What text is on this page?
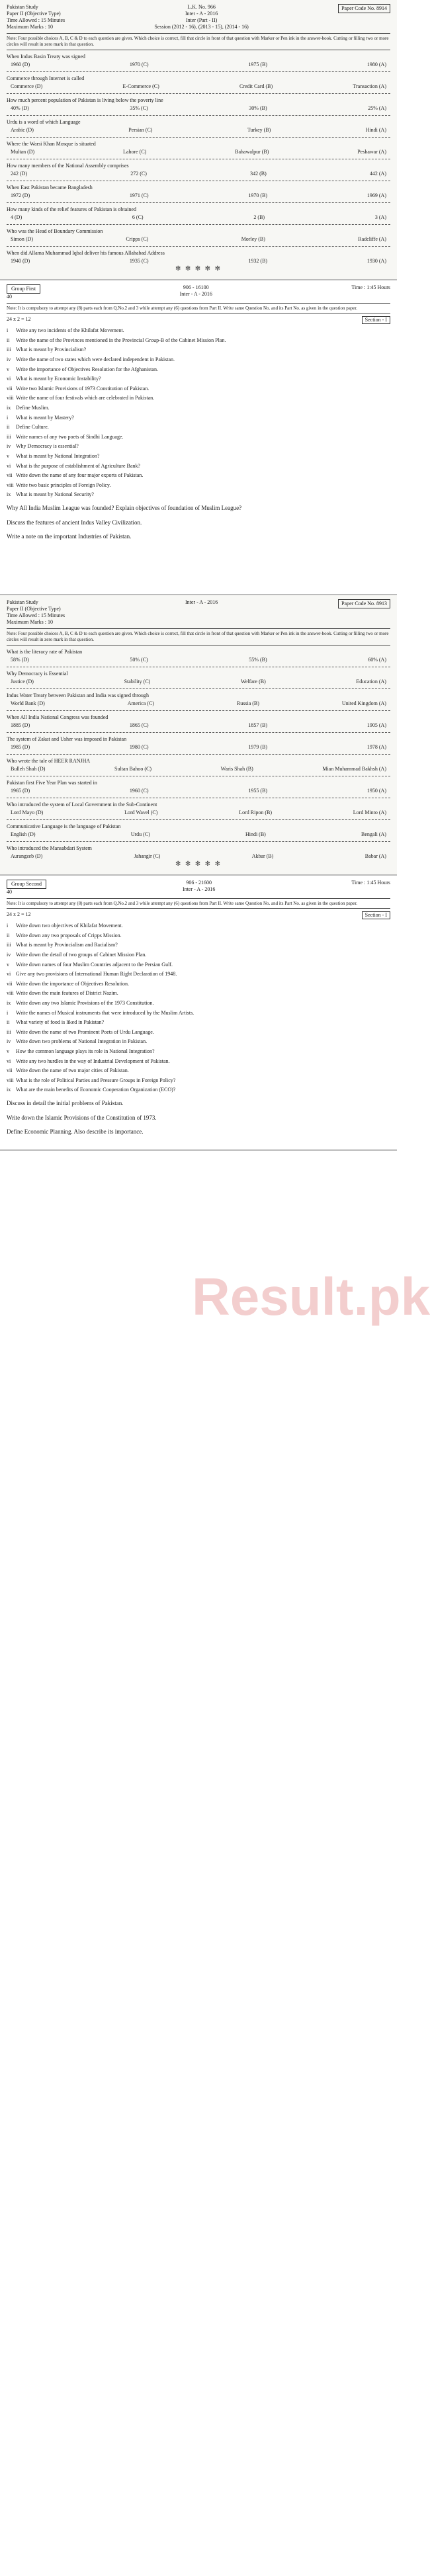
Pakistan Study
Paper II (Objective Type)
Time Allowed : 15 Minutes
Maximum Marks : 10
L.K. No. 966
Inter - A - 2016
Inter (Part - II)
Session (2012 - 16), (2013 - 15), (2014 - 16)
Paper Code No. 8914
Note: Four possible choices A, B, C & D to each question are given. Which choice is correct, fill that circle in front of that question with Marker or Pen ink in the answer-book. Cutting or filling two or more circles will result in zero mark in that question.
When Indus Basin Treaty was signed
1960 (D)	1970 (C)	1975 (B)	1980 (A)
Commerce through Internet is called
Commerce (D)	E-Commerce (C)	Credit Card (B)	Transaction (A)
How much percent population of Pakistan is living below the poverty line
40% (D)	35% (C)	30% (B)	25% (A)
Urdu is a word of which Language
Arabic (D)	Persian (C)	Turkey (B)	Hindi (A)
Where the Warsi Khan Mosque is situated
Multan (D)	Lahore (C)	Bahawalpur (B)	Peshawar (A)
How many members of the National Assembly comprises
242 (D)	272 (C)	342 (B)	442 (A)
When East Pakistan became Bangladesh
1972 (D)	1971 (C)	1970 (B)	1969 (A)
How many kinds of the relief features of Pakistan is obtained
4 (D)	6 (C)	2 (B)	3 (A)
Who was the Head of Boundary Commission
Simon (D)	Cripps (C)	Morley (B)	Radcliffe (A)
When did Allama Muhammad Iqbal deliver his famous Allahabad Address
1940 (D)	1935 (C)	1932 (B)	1930 (A)
✻ ✻ ✻ ✻ ✻
Group First
40
906 - 16100
Inter - A - 2016
Time : 1:45 Hours
Note: It is compulsory to attempt any (8) parts each from Q.No.2 and 3 while attempt any (6) questions from Part II. Write same Question No. and its Part No. as given in the question paper.
24 x 2 = 12	Section - I
i	Write any two incidents of the Khilafat Movement.
ii	Write the name of the Provinces mentioned in the Provincial Group-B of the Cabinet Mission Plan.
iii What is meant by Provincialism?
iv Write the name of two states which were declared independent in Pakistan.
v	Write the importance of Objectives Resolution for the Afghanistan.
vi What is meant by Economic Instability?
vii Write two Islamic Provisions of 1973 Constitution of Pakistan.
viii Write the name of four festivals which are celebrated in Pakistan.
ix Define Muslim.
i	What is meant by Mastery?
ii	Define Culture.
iii Write names of any two poets of Sindhi Language.
iv Why Democracy is essential?
v	What is meant by National Integration?
vi What is the purpose of establishment of Agriculture Bank?
vii Write down the name of any four major exports of Pakistan.
viii Write two basic principles of Foreign Policy.
ix What is meant by National Security?
Why All India Muslim League was founded? Explain objectives of foundation of Muslim League?
Discuss the features of ancient Indus Valley Civilization.
Write a note on the important Industries of Pakistan.
Pakistan Study
Paper II (Objective Type)
Time Allowed : 15 Minutes
Maximum Marks : 10
Inter - A - 2016	Paper Code No. 8913
Note: Four possible choices A, B, C & D to each question are given. Which choice is correct, fill that circle in front of that question with Marker or Pen ink in the answer-book. Cutting or filling two or more circles will result in zero mark in that question.
What is the literacy rate of Pakistan
58% (D)	50% (C)	55% (B)	60% (A)
Why Democracy is Essential
Justice (D)	Stability (C)	Welfare (B)	Education (A)
Indus Water Treaty between Pakistan and India was signed through
World Bank (D)	America (C)	Russia (B)	United Kingdom (A)
When All India National Congress was founded
1885 (D)	1865 (C)	1857 (B)	1905 (A)
The system of Zakat and Usher was imposed in Pakistan
1985 (D)	1980 (C)	1979 (B)	1978 (A)
Who wrote the tale of HEER RANJHA
Bulleh Shah (D)	Sultan Bahoo (C)	Waris Shah (B)	Mian Muhammad Bakhsh (A)
Pakistan first Five Year Plan was started in
1965 (D)	1960 (C)	1955 (B)	1950 (A)
Who introduced the system of Local Government in the Sub-Continent
Lord Mayo (D)	Lord Wavel (C)	Lord Ripon (B)	Lord Minto (A)
Communicative Language is the language of Pakistan
English (D)	Urdu (C)	Hindi (B)	Bengali (A)
Who introduced the Mansabdari System
Aurangzeb (D)	Jahangir (C)	Akbar (B)	Babar (A)
✻ ✻ ✻ ✻ ✻
Group Second
40
906 - 21600
Inter - A - 2016
Time : 1:45 Hours
Note: It is compulsory to attempt any (8) parts each from Q.No.2 and 3 while attempt any (6) questions from Part II. Write same Question No. and its Part No. as given in the question paper.
24 x 2 = 12	Section - I
i	Write down two objectives of Khilafat Movement.
ii	Write down any two proposals of Cripps Mission.
iii What is meant by Provincialism and Racialism?
iv Write down the detail of two groups of Cabinet Mission Plan.
v	Write down names of four Muslim Countries adjacent to the Persian Gulf.
vi Give any two provisions of International Human Right Declaration of 1948.
vii Write down the importance of Objectives Resolution.
viii Write down the main features of District Nazim.
ix Write down any two Islamic Provisions of the 1973 Constitution.
i	Write the names of Musical instruments that were introduced by the Muslim Artists.
ii	What variety of food is liked in Pakistan?
iii Write down the name of two Prominent Poets of Urdu Language.
iv Write down two problems of National Integration in Pakistan.
v	How the common language plays its role in National Integration?
vi Write any two hurdles in the way of Industrial Development of Pakistan.
vii Write down the name of two major cities of Pakistan.
viii What is the role of Political Parties and Pressure Groups in Foreign Policy?
ix What are the main benefits of Economic Cooperation Organization (ECO)?
Discuss in detail the initial problems of Pakistan.
Write down the Islamic Provisions of the Constitution of 1973.
Define Economic Planning. Also describe its importance.
Result.pk
